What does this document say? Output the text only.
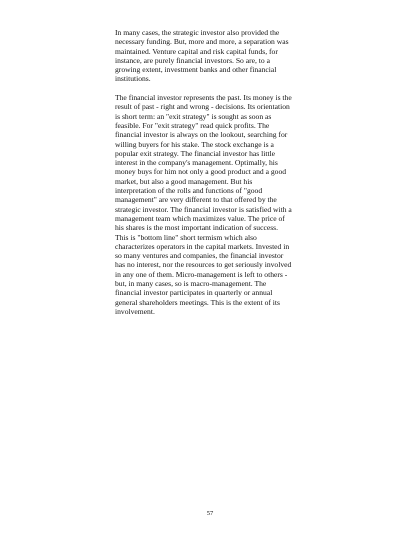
In many cases, the strategic investor also provided the
necessary funding. But, more and more, a separation was
maintained. Venture capital and risk capital funds, for
instance, are purely financial investors. So are, to a
growing extent, investment banks and other financial
institutions.
The financial investor represents the past. Its money is the
result of past - right and wrong - decisions. Its orientation
is short term: an "exit strategy" is sought as soon as
feasible. For "exit strategy" read quick profits. The
financial investor is always on the lookout, searching for
willing buyers for his stake. The stock exchange is a
popular exit strategy. The financial investor has little
interest in the company's management. Optimally, his
money buys for him not only a good product and a good
market, but also a good management. But his
interpretation of the rolls and functions of "good
management" are very different to that offered by the
strategic investor. The financial investor is satisfied with a
management team which maximizes value. The price of
his shares is the most important indication of success.
This is "bottom line" short termism which also
characterizes operators in the capital markets. Invested in
so many ventures and companies, the financial investor
has no interest, nor the resources to get seriously involved
in any one of them. Micro-management is left to others -
but, in many cases, so is macro-management. The
financial investor participates in quarterly or annual
general shareholders meetings. This is the extent of its
involvement.
57
